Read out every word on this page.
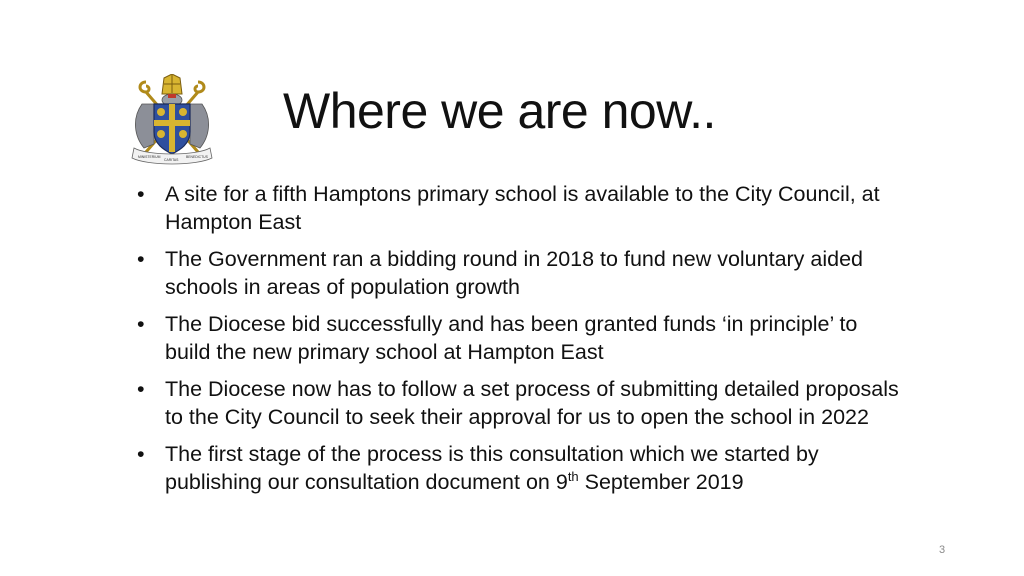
MINISTERIUM
CARITAS
BENEDICTUS
Where we are now..
• A site for a fifth Hamptons primary school is available to the City Council, at Hampton East
• The Government ran a bidding round in 2018 to fund new voluntary aided schools in areas of population growth
• The Diocese bid successfully and has been granted funds ‘in principle’ to build the new primary school at Hampton East
• The Diocese now has to follow a set process of submitting detailed proposals to the City Council to seek their approval for us to open the school in 2022
• The first stage of the process is this consultation which we started by publishing our consultation document on 9th September 2019
3
